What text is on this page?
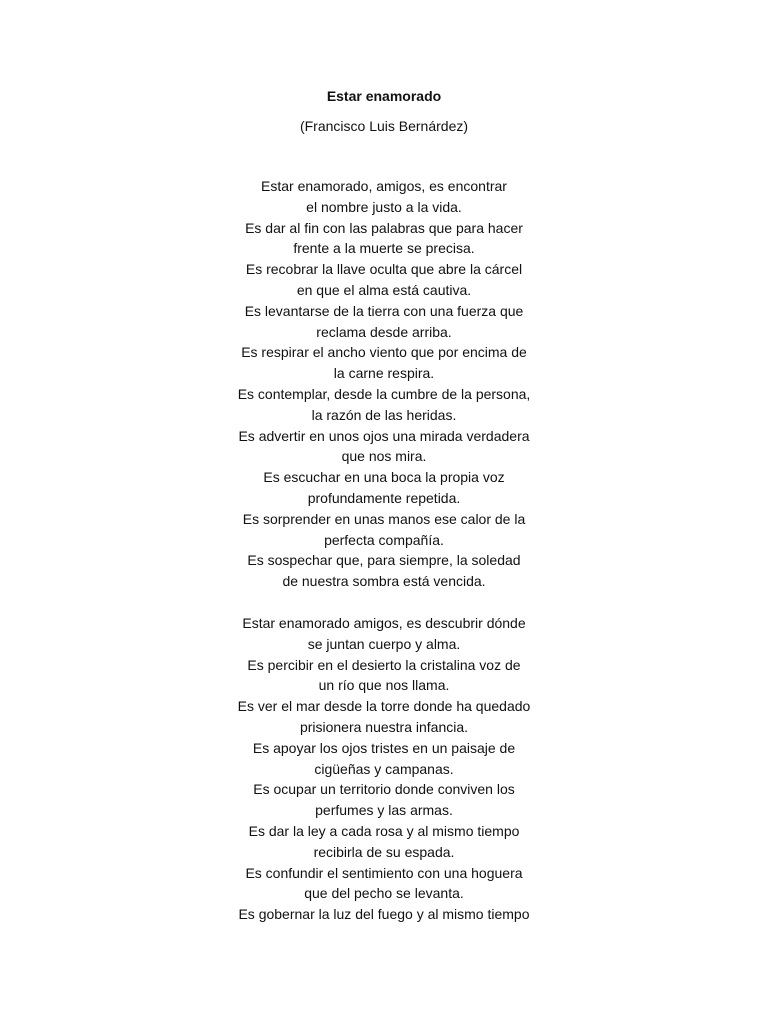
Estar enamorado
(Francisco Luis Bernárdez)
Estar enamorado, amigos, es encontrar
el nombre justo a la vida.
Es dar al fin con las palabras que para hacer
frente a la muerte se precisa.
Es recobrar la llave oculta que abre la cárcel
en que el alma está cautiva.
Es levantarse de la tierra con una fuerza que
reclama desde arriba.
Es respirar el ancho viento que por encima de
la carne respira.
Es contemplar, desde la cumbre de la persona,
la razón de las heridas.
Es advertir en unos ojos una mirada verdadera
que nos mira.
Es escuchar en una boca la propia voz
profundamente repetida.
Es sorprender en unas manos ese calor de la
perfecta compañía.
Es sospechar que, para siempre, la soledad
de nuestra sombra está vencida.
Estar enamorado amigos, es descubrir dónde
se juntan cuerpo y alma.
Es percibir en el desierto la cristalina voz de
un río que nos llama.
Es ver el mar desde la torre donde ha quedado
prisionera nuestra infancia.
Es apoyar los ojos tristes en un paisaje de
cigüeñas y campanas.
Es ocupar un territorio donde conviven los
perfumes y las armas.
Es dar la ley a cada rosa y al mismo tiempo
recibirla de su espada.
Es confundir el sentimiento con una hoguera
que del pecho se levanta.
Es gobernar la luz del fuego y al mismo tiempo
